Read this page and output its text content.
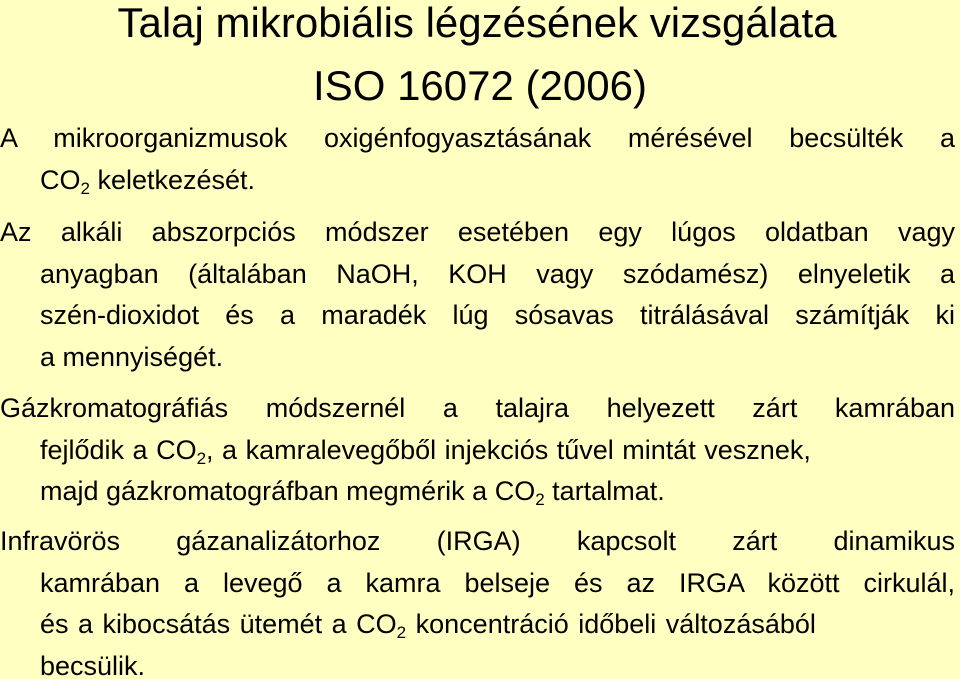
Talaj mikrobiális légzésének vizsgálata
ISO 16072 (2006)
A mikroorganizmusok oxigénfogyasztásának mérésével becsülték a
$CO_2$ keletkezését.
Az alkáli abszorpciós módszer esetében egy lúgos oldatban vagy
anyagban (általában NaOH, KOH vagy szódamész) elnyeletik a
szén-dioxidot és a maradék lúg sósavas titrálásával számítják ki
a mennyiségét.
Gázkromatográfiás módszernél a talajra helyezett zárt kamrában
fejlődik a $CO_2$, a kamralevegőből injekciós tűvel mintát vesznek,
majd gázkromatográfban megmérik a $CO_2$ tartalmat.
Infravörös gázanalizátorhoz (IRGA) kapcsolt zárt dinamikus
kamrában a levegő a kamra belseje és az IRGA között cirkulál,
és a kibocsátás ütemét a $CO_2$ koncentráció időbeli változásából
becsülik.
